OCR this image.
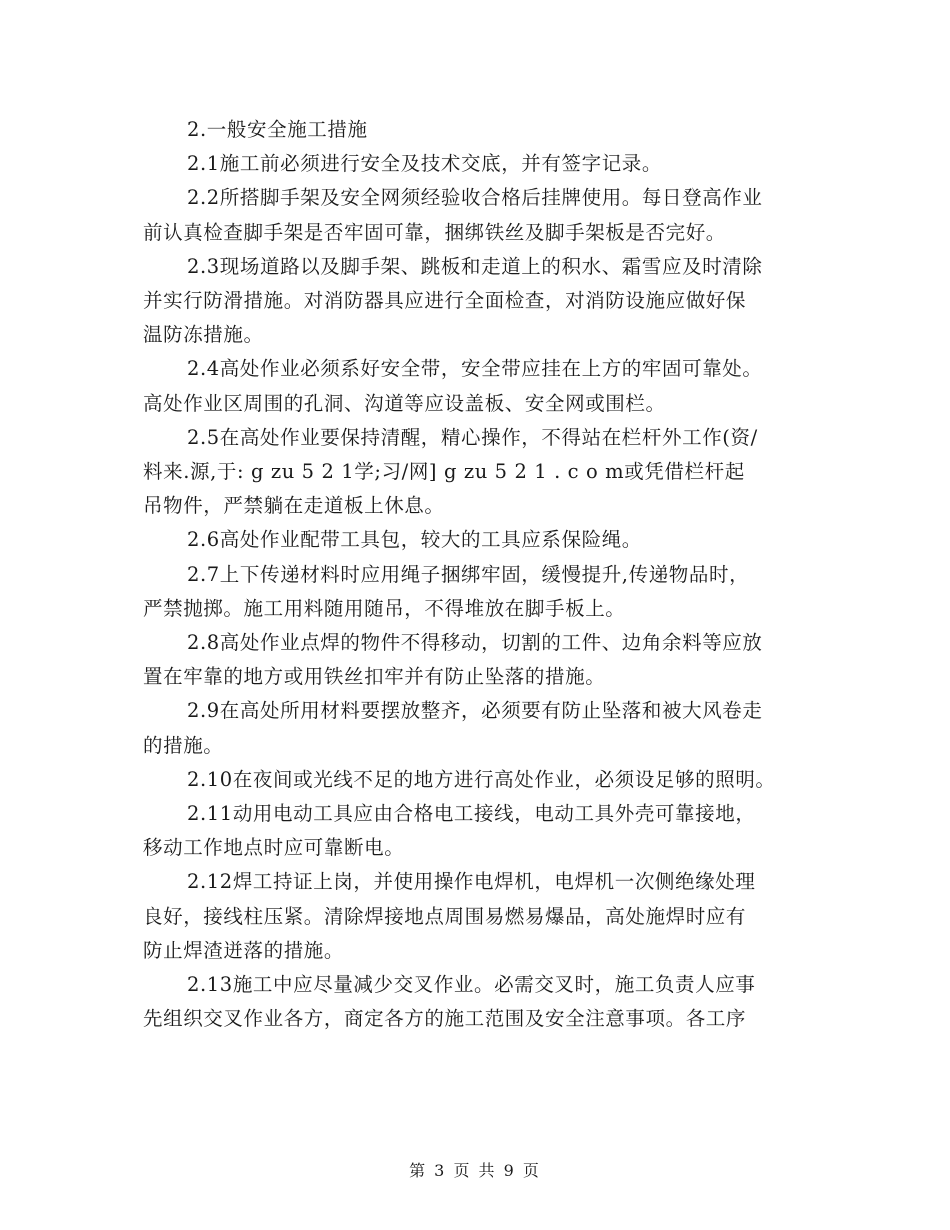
2.一般安全施工措施

2.1施工前必须进行安全及技术交底，并有签字记录。

2.2所搭脚手架及安全网须经验收合格后挂牌使用。每日登高作业
前认真检查脚手架是否牢固可靠，捆绑铁丝及脚手架板是否完好。

2.3现场道路以及脚手架、跳板和走道上的积水、霜雪应及时清除
并实行防滑措施。对消防器具应进行全面检查，对消防设施应做好保
温防冻措施。

2.4高处作业必须系好安全带，安全带应挂在上方的牢固可靠处。
高处作业区周围的孔洞、沟道等应设盖板、安全网或围栏。

2.5在高处作业要保持清醒，精心操作，不得站在栏杆外工作(资/
料来.源,于: g zu 5 2 1学;习/网] g zu 5 2 1 . c o m或凭借栏杆起
吊物件，严禁躺在走道板上休息。

2.6高处作业配带工具包，较大的工具应系保险绳。

2.7上下传递材料时应用绳子捆绑牢固，缓慢提升,传递物品时，
严禁抛掷。施工用料随用随吊，不得堆放在脚手板上。

2.8高处作业点焊的物件不得移动，切割的工件、边角余料等应放
置在牢靠的地方或用铁丝扣牢并有防止坠落的措施。

2.9在高处所用材料要摆放整齐，必须要有防止坠落和被大风卷走
的措施。

2.10在夜间或光线不足的地方进行高处作业，必须设足够的照明。

2.11动用电动工具应由合格电工接线，电动工具外壳可靠接地，
移动工作地点时应可靠断电。

2.12焊工持证上岗，并使用操作电焊机，电焊机一次侧绝缘处理
良好，接线柱压紧。清除焊接地点周围易燃易爆品，高处施焊时应有
防止焊渣迸落的措施。

2.13施工中应尽量减少交叉作业。必需交叉时，施工负责人应事
先组织交叉作业各方，商定各方的施工范围及安全注意事项。各工序

第 3 页 共 9 页
